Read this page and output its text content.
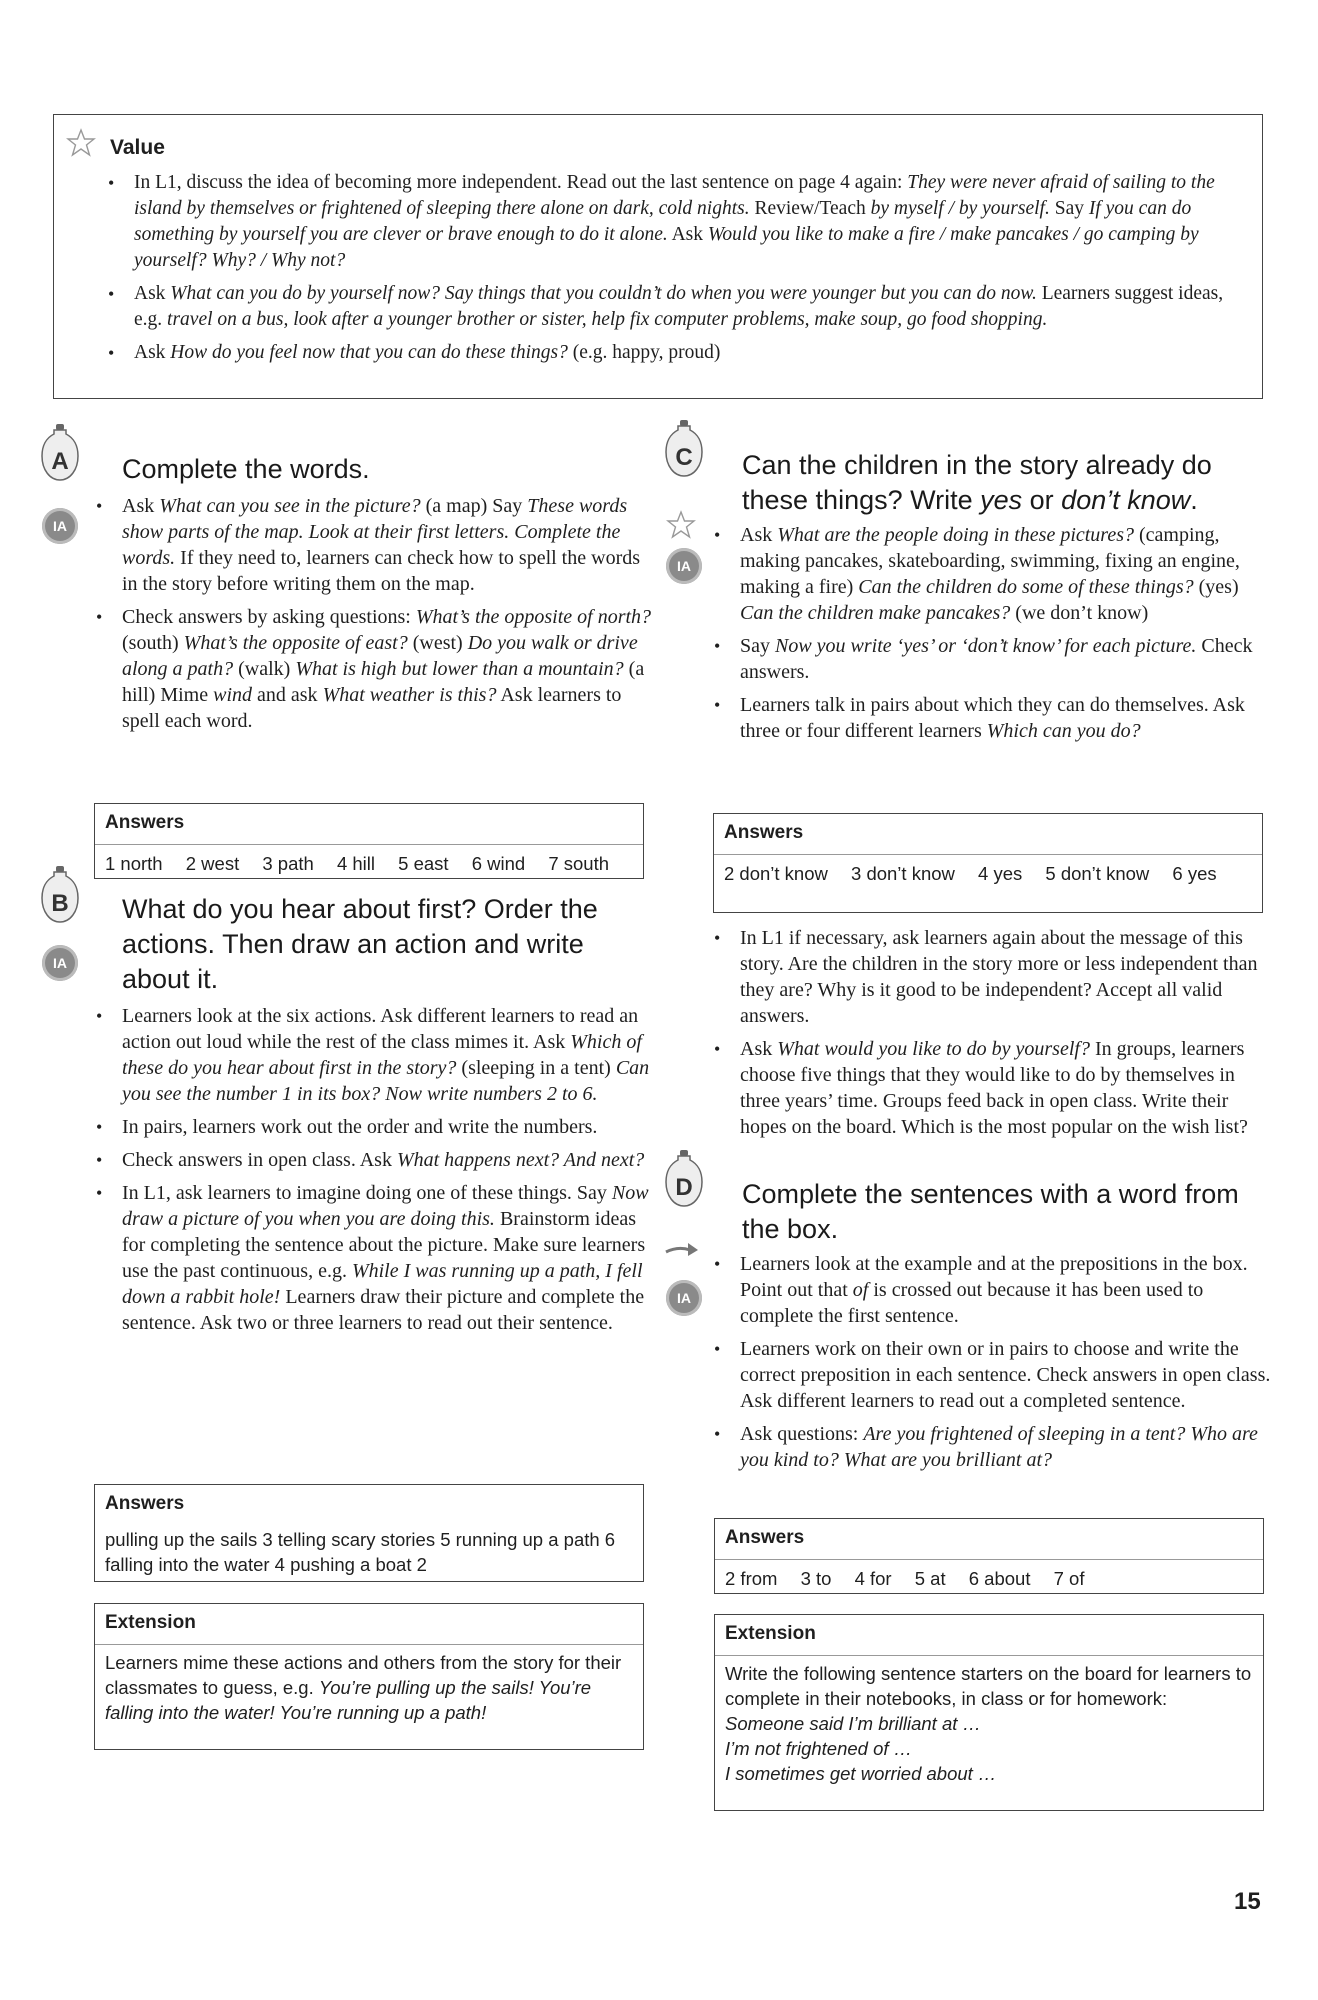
Value
• In L1, discuss the idea of becoming more independent. Read out the last sentence on page 4 again: They were never afraid of sailing to the island by themselves or frightened of sleeping there alone on dark, cold nights. Review/Teach by myself / by yourself. Say If you can do something by yourself you are clever or brave enough to do it alone. Ask Would you like to make a fire / make pancakes / go camping by yourself? Why? / Why not?
• Ask What can you do by yourself now? Say things that you couldn’t do when you were younger but you can do now. Learners suggest ideas, e.g. travel on a bus, look after a younger brother or sister, help fix computer problems, make soup, go food shopping.
• Ask How do you feel now that you can do these things? (e.g. happy, proud)
A
IA
Complete the words.
• Ask What can you see in the picture? (a map) Say These words show parts of the map. Look at their first letters. Complete the words. If they need to, learners can check how to spell the words in the story before writing them on the map.
• Check answers by asking questions: What’s the opposite of north? (south) What’s the opposite of east? (west) Do you walk or drive along a path? (walk) What is high but lower than a mountain? (a hill) Mime wind and ask What weather is this? Ask learners to spell each word.
Answers
1 north 2 west 3 path 4 hill 5 east 6 wind 7 south
B
IA
What do you hear about first? Order the actions. Then draw an action and write about it.
• Learners look at the six actions. Ask different learners to read an action out loud while the rest of the class mimes it. Ask Which of these do you hear about first in the story? (sleeping in a tent) Can you see the number 1 in its box? Now write numbers 2 to 6.
• In pairs, learners work out the order and write the numbers.
• Check answers in open class. Ask What happens next? And next?
• In L1, ask learners to imagine doing one of these things. Say Now draw a picture of you when you are doing this. Brainstorm ideas for completing the sentence about the picture. Make sure learners use the past continuous, e.g. While I was running up a path, I fell down a rabbit hole! Learners draw their picture and complete the sentence. Ask two or three learners to read out their sentence.
Answers
pulling up the sails 3 telling scary stories 5 running up a path 6 falling into the water 4 pushing a boat 2
Extension
Learners mime these actions and others from the story for their classmates to guess, e.g. You’re pulling up the sails! You’re falling into the water! You’re running up a path!
C
IA
Can the children in the story already do these things? Write yes or don’t know.
• Ask What are the people doing in these pictures? (camping, making pancakes, skateboarding, swimming, fixing an engine, making a fire) Can the children do some of these things? (yes) Can the children make pancakes? (we don’t know)
• Say Now you write ‘yes’ or ‘don’t know’ for each picture. Check answers.
• Learners talk in pairs about which they can do themselves. Ask three or four different learners Which can you do?
Answers
2 don’t know 3 don’t know 4 yes 5 don’t know 6 yes
• In L1 if necessary, ask learners again about the message of this story. Are the children in the story more or less independent than they are? Why is it good to be independent? Accept all valid answers.
• Ask What would you like to do by yourself? In groups, learners choose five things that they would like to do by themselves in three years’ time. Groups feed back in open class. Write their hopes on the board. Which is the most popular on the wish list?
D
IA
Complete the sentences with a word from the box.
• Learners look at the example and at the prepositions in the box. Point out that of is crossed out because it has been used to complete the first sentence.
• Learners work on their own or in pairs to choose and write the correct preposition in each sentence. Check answers in open class. Ask different learners to read out a completed sentence.
• Ask questions: Are you frightened of sleeping in a tent? Who are you kind to? What are you brilliant at?
Answers
2 from 3 to 4 for 5 at 6 about 7 of
Extension
Write the following sentence starters on the board for learners to complete in their notebooks, in class or for homework:
Someone said I’m brilliant at …
I’m not frightened of …
I sometimes get worried about …
15
